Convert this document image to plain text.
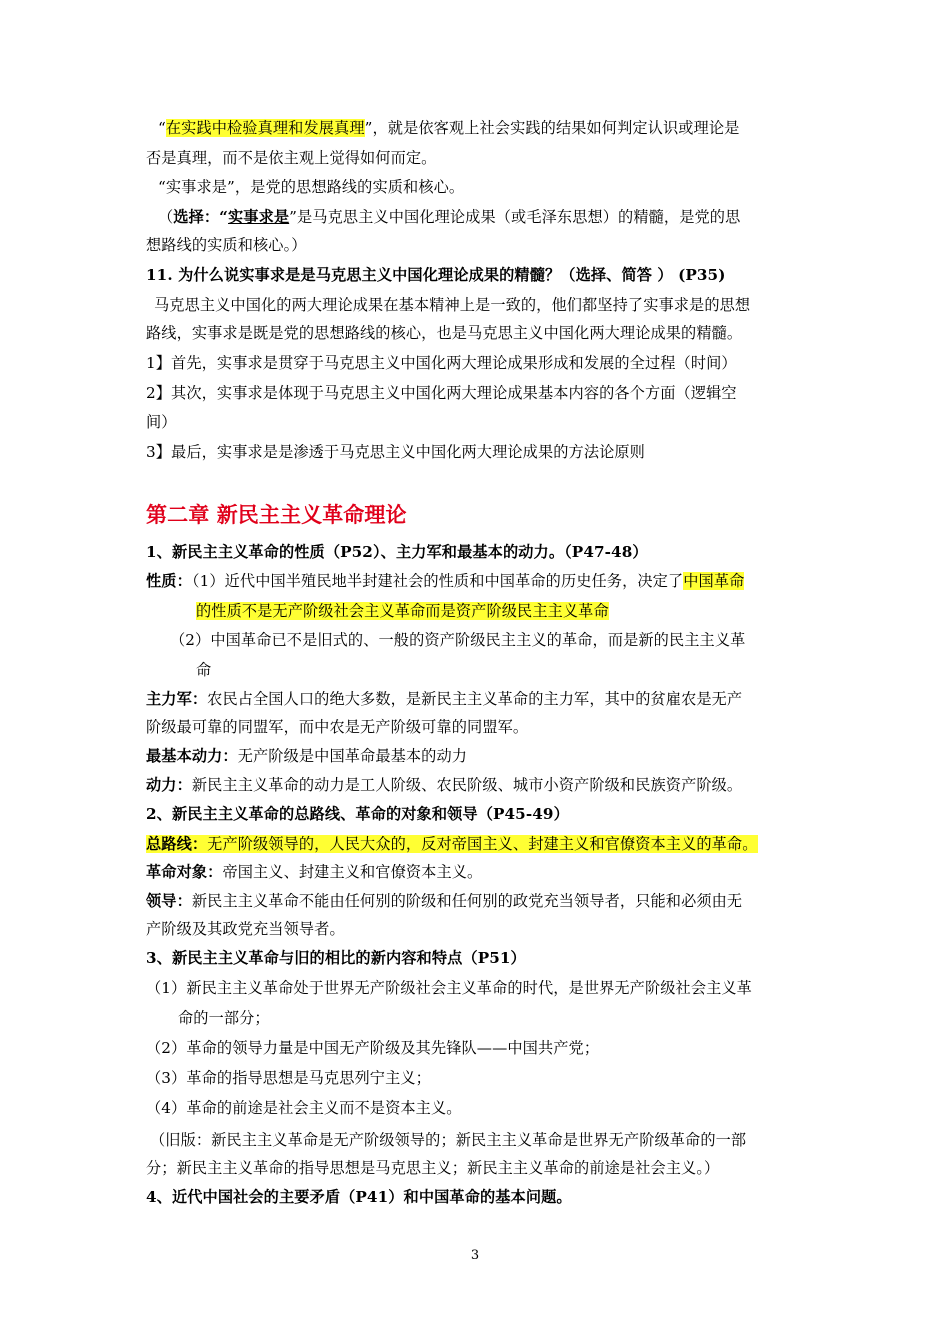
“在实践中检验真理和发展真理”，就是依客观上社会实践的结果如何判定认识或理论是
否是真理，而不是依主观上觉得如何而定。
“实事求是”，是党的思想路线的实质和核心。
（选择：“实事求是”是马克思主义中国化理论成果（或毛泽东思想）的精髓，是党的思
想路线的实质和核心。）
11. 为什么说实事求是是马克思主义中国化理论成果的精髓？（选择、简答 ） (P35)
马克思主义中国化的两大理论成果在基本精神上是一致的，他们都坚持了实事求是的思想
路线，实事求是既是党的思想路线的核心，也是马克思主义中国化两大理论成果的精髓。
1】首先，实事求是贯穿于马克思主义中国化两大理论成果形成和发展的全过程（时间）
2】其次，实事求是体现于马克思主义中国化两大理论成果基本内容的各个方面（逻辑空
间）
3】最后，实事求是是渗透于马克思主义中国化两大理论成果的方法论原则
第二章 新民主主义革命理论
1、新民主主义革命的性质（P52）、主力军和最基本的动力。（P47-48）
性质：（1）近代中国半殖民地半封建社会的性质和中国革命的历史任务，决定了中国革命
的性质不是无产阶级社会主义革命而是资产阶级民主主义革命
（2）中国革命已不是旧式的、一般的资产阶级民主主义的革命，而是新的民主主义革
命
主力军：农民占全国人口的绝大多数，是新民主主义革命的主力军，其中的贫雇农是无产
阶级最可靠的同盟军，而中农是无产阶级可靠的同盟军。
最基本动力：无产阶级是中国革命最基本的动力
动力：新民主主义革命的动力是工人阶级、农民阶级、城市小资产阶级和民族资产阶级。
2、新民主主义革命的总路线、革命的对象和领导（P45-49）
总路线：无产阶级领导的，人民大众的，反对帝国主义、封建主义和官僚资本主义的革命。
革命对象：帝国主义、封建主义和官僚资本主义。
领导：新民主主义革命不能由任何别的阶级和任何别的政党充当领导者，只能和必须由无
产阶级及其政党充当领导者。
3、新民主主义革命与旧的相比的新内容和特点（P51）
（1）新民主主义革命处于世界无产阶级社会主义革命的时代，是世界无产阶级社会主义革
命的一部分；
（2）革命的领导力量是中国无产阶级及其先锋队——中国共产党；
（3）革命的指导思想是马克思列宁主义；
（4）革命的前途是社会主义而不是资本主义。
（旧版：新民主主义革命是无产阶级领导的；新民主主义革命是世界无产阶级革命的一部
分；新民主主义革命的指导思想是马克思主义；新民主主义革命的前途是社会主义。）
4、近代中国社会的主要矛盾（P41）和中国革命的基本问题。
3
